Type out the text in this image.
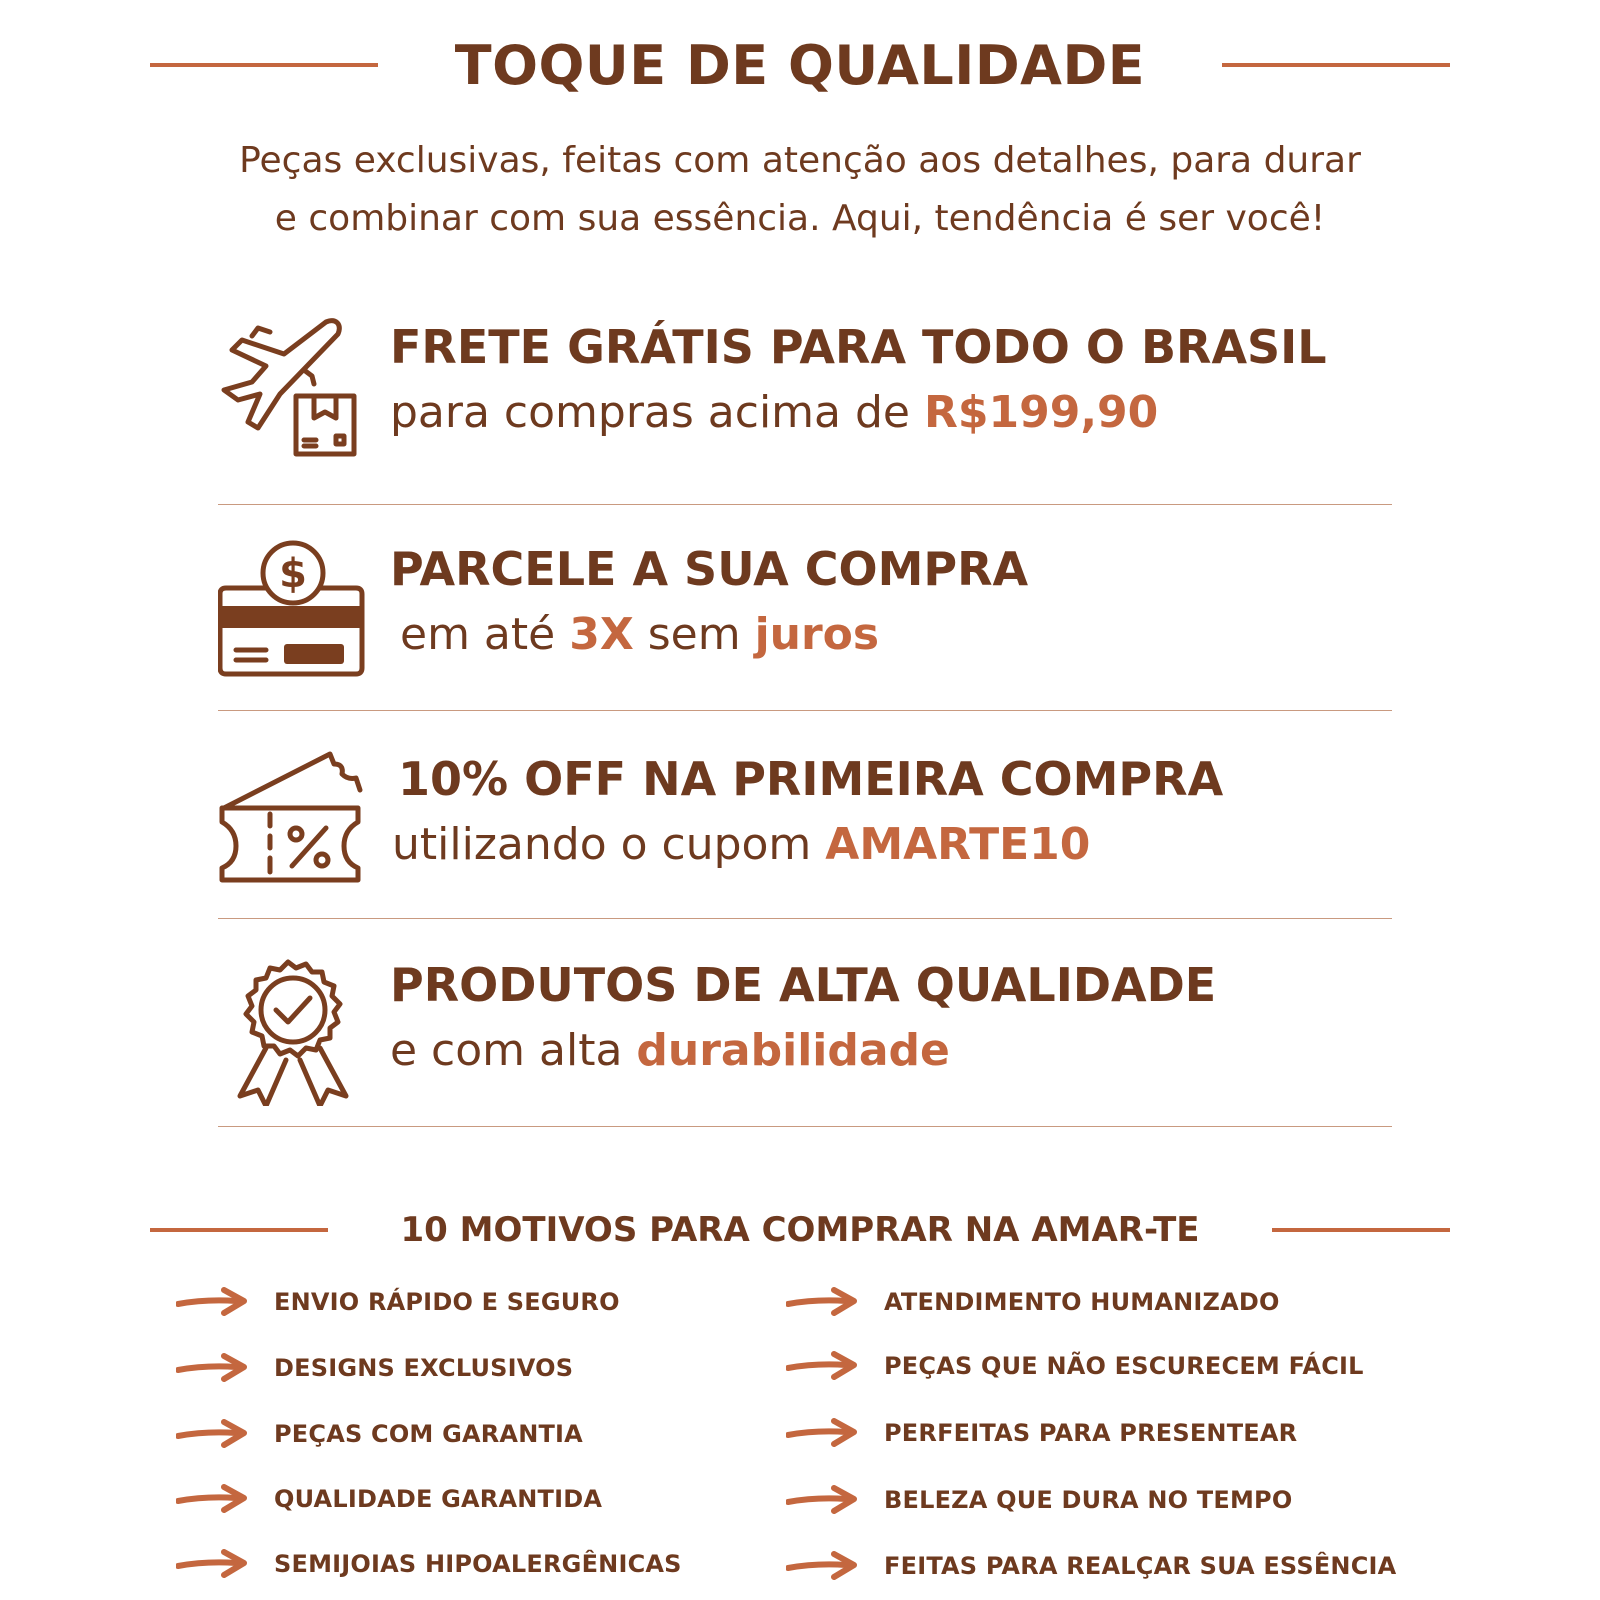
TOQUE DE QUALIDADE
Peças exclusivas, feitas com atenção aos detalhes, para durar
e combinar com sua essência. Aqui, tendência é ser você!
FRETE GRÁTIS PARA TODO O BRASIL
para compras acima de R$199,90
$ PARCELE A SUA COMPRA
em até 3X sem juros
10% OFF NA PRIMEIRA COMPRA
utilizando o cupom AMARTE10
PRODUTOS DE ALTA QUALIDADE
e com alta durabilidade
10 MOTIVOS PARA COMPRAR NA AMAR-TE
ENVIO RÁPIDO E SEGURO
DESIGNS EXCLUSIVOS
PEÇAS COM GARANTIA
QUALIDADE GARANTIDA
SEMIJOIAS HIPOALERGÊNICAS
ATENDIMENTO HUMANIZADO
PEÇAS QUE NÃO ESCURECEM FÁCIL
PERFEITAS PARA PRESENTEAR
BELEZA QUE DURA NO TEMPO
FEITAS PARA REALÇAR SUA ESSÊNCIA
